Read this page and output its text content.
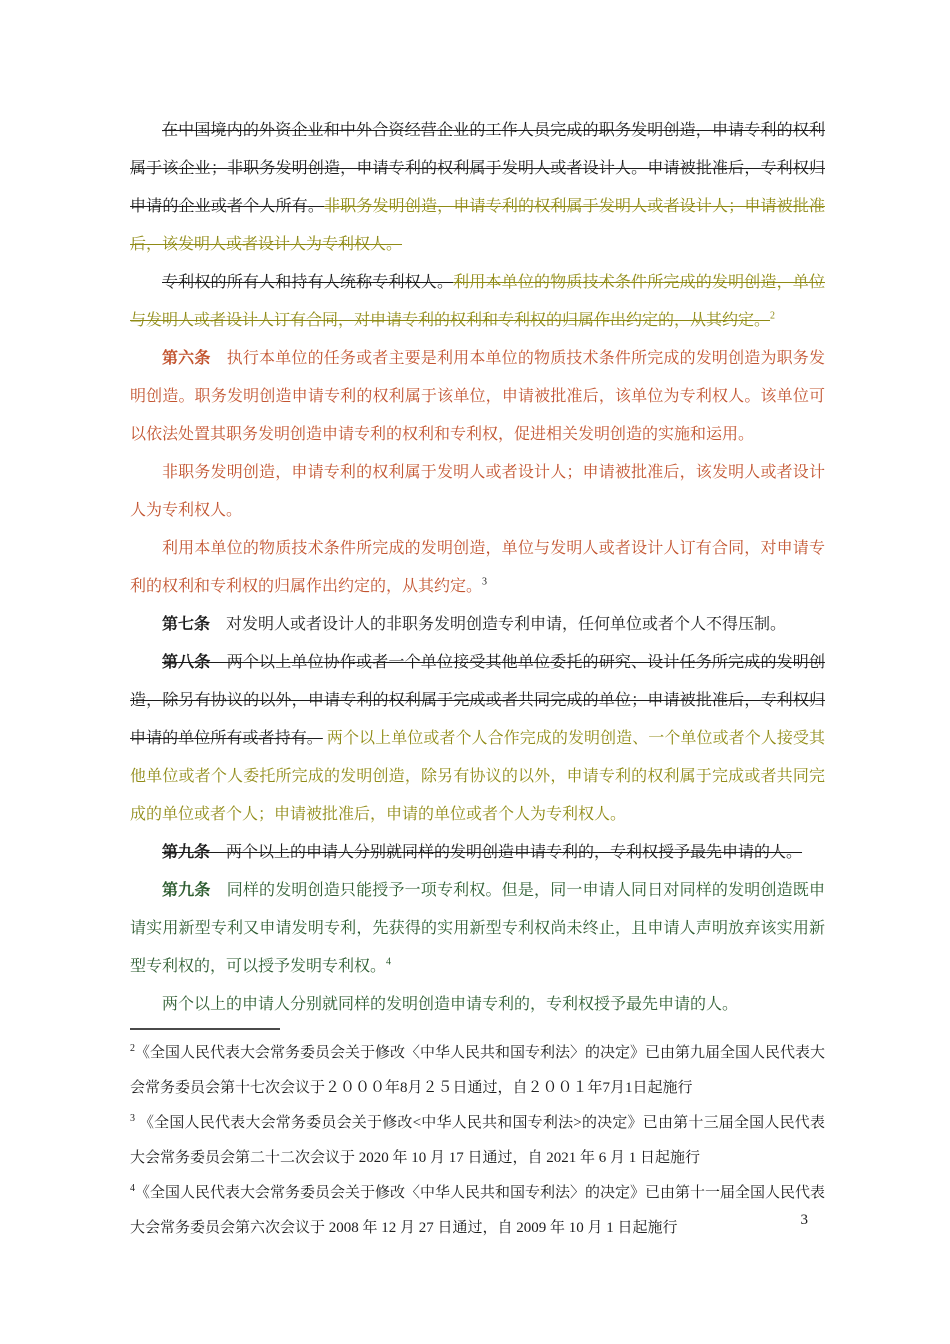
在中国境内的外资企业和中外合资经营企业的工作人员完成的职务发明创造，申请专利的权利属于该企业；非职务发明创造，申请专利的权利属于发明人或者设计人。申请被批准后，专利权归申请的企业或者个人所有。非职务发明创造，申请专利的权利属于发明人或者设计人；申请被批准后，该发明人或者设计人为专利权人。

专利权的所有人和持有人统称专利权人。利用本单位的物质技术条件所完成的发明创造，单位与发明人或者设计人订有合同，对申请专利的权利和专利权的归属作出约定的，从其约定。$^2$

第六条　执行本单位的任务或者主要是利用本单位的物质技术条件所完成的发明创造为职务发明创造。职务发明创造申请专利的权利属于该单位，申请被批准后，该单位为专利权人。该单位可以依法处置其职务发明创造申请专利的权利和专利权，促进相关发明创造的实施和运用。

非职务发明创造，申请专利的权利属于发明人或者设计人；申请被批准后，该发明人或者设计人为专利权人。

利用本单位的物质技术条件所完成的发明创造，单位与发明人或者设计人订有合同，对申请专利的权利和专利权的归属作出约定的，从其约定。$^3$

第七条　对发明人或者设计人的非职务发明创造专利申请，任何单位或者个人不得压制。

第八条　两个以上单位协作或者一个单位接受其他单位委托的研究、设计任务所完成的发明创造，除另有协议的以外，申请专利的权利属于完成或者共同完成的单位；申请被批准后，专利权归申请的单位所有或者持有。 两个以上单位或者个人合作完成的发明创造、一个单位或者个人接受其他单位或者个人委托所完成的发明创造，除另有协议的以外，申请专利的权利属于完成或者共同完成的单位或者个人；申请被批准后，申请的单位或者个人为专利权人。

第九条　两个以上的申请人分别就同样的发明创造申请专利的，专利权授予最先申请的人。

第九条　同样的发明创造只能授予一项专利权。但是，同一申请人同日对同样的发明创造既申请实用新型专利又申请发明专利，先获得的实用新型专利权尚未终止，且申请人声明放弃该实用新型专利权的，可以授予发明专利权。$^4$

两个以上的申请人分别就同样的发明创造申请专利的，专利权授予最先申请的人。

$^2$《全国人民代表大会常务委员会关于修改〈中华人民共和国专利法〉的决定》已由第九届全国人民代表大会常务委员会第十七次会议于２０００年8月２５日通过，自２００１年7月1日起施行
$^3$ 《全国人民代表大会常务委员会关于修改<中华人民共和国专利法>的决定》已由第十三届全国人民代表大会常务委员会第二十二次会议于 2020 年 10 月 17 日通过，自 2021 年 6 月 1 日起施行
$^4$《全国人民代表大会常务委员会关于修改〈中华人民共和国专利法〉的决定》已由第十一届全国人民代表大会常务委员会第六次会议于 2008 年 12 月 27 日通过，自 2009 年 10 月 1 日起施行	3
